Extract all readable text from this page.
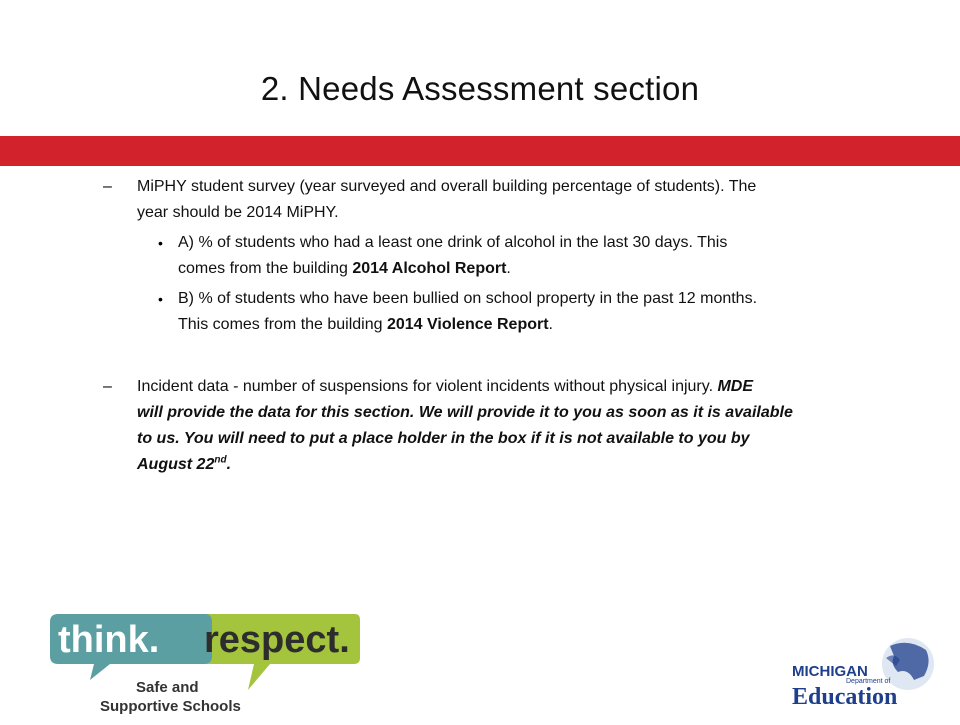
2. Needs Assessment section
– MiPHY student survey (year surveyed and overall building percentage of students). The
year should be 2014 MiPHY.
• A) % of students who had a least one drink of alcohol in the last 30 days. This
comes from the building 2014 Alcohol Report.
• B) % of students who have been bullied on school property in the past 12 months.
This comes from the building 2014 Violence Report.
– Incident data - number of suspensions for violent incidents without physical injury. MDE
will provide the data for this section. We will provide it to you as soon as it is available
to us. You will need to put a place holder in the box if it is not available to you by
August 22nd.
think. respect.
Safe and
Supportive Schools
MICHIGAN
Department of
Education
